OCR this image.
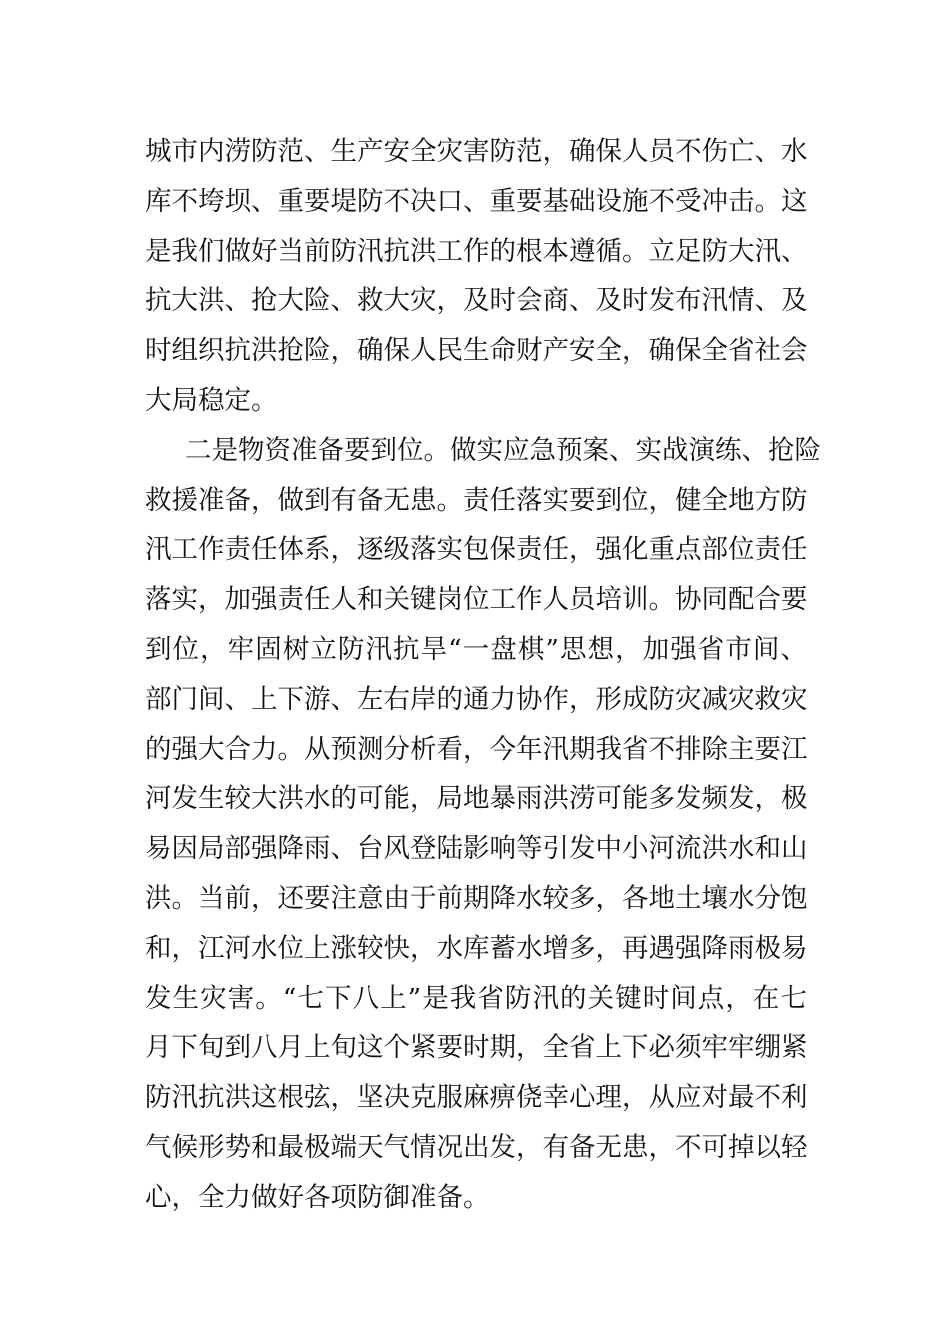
城市内涝防范、生产安全灾害防范，确保人员不伤亡、水
库不垮坝、重要堤防不决口、重要基础设施不受冲击。这
是我们做好当前防汛抗洪工作的根本遵循。立足防大汛、
抗大洪、抢大险、救大灾，及时会商、及时发布汛情、及
时组织抗洪抢险，确保人民生命财产安全，确保全省社会
大局稳定。
二是物资准备要到位。做实应急预案、实战演练、抢险
救援准备，做到有备无患。责任落实要到位，健全地方防
汛工作责任体系，逐级落实包保责任，强化重点部位责任
落实，加强责任人和关键岗位工作人员培训。协同配合要
到位，牢固树立防汛抗旱“一盘棋”思想，加强省市间、
部门间、上下游、左右岸的通力协作，形成防灾减灾救灾
的强大合力。从预测分析看，今年汛期我省不排除主要江
河发生较大洪水的可能，局地暴雨洪涝可能多发频发，极
易因局部强降雨、台风登陆影响等引发中小河流洪水和山
洪。当前，还要注意由于前期降水较多，各地土壤水分饱
和，江河水位上涨较快，水库蓄水增多，再遇强降雨极易
发生灾害。“七下八上”是我省防汛的关键时间点，在七
月下旬到八月上旬这个紧要时期，全省上下必须牢牢绷紧
防汛抗洪这根弦，坚决克服麻痹侥幸心理，从应对最不利
气候形势和最极端天气情况出发，有备无患，不可掉以轻
心，全力做好各项防御准备。
